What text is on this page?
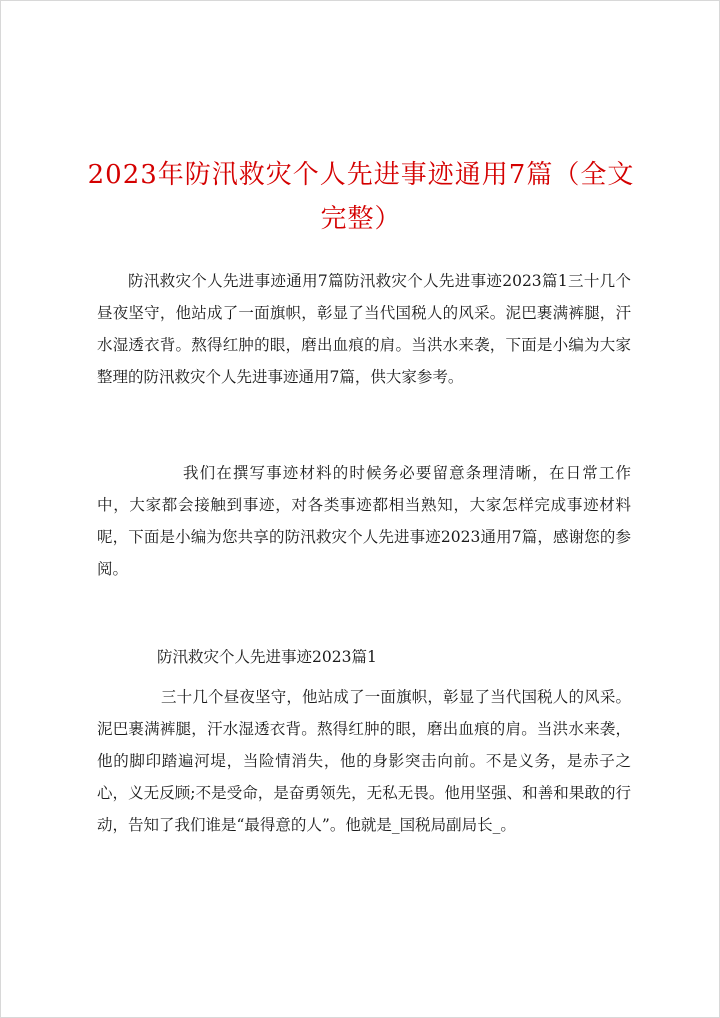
2023年防汛救灾个人先进事迹通用7篇（全文完整）

防汛救灾个人先进事迹通用7篇防汛救灾个人先进事迹2023篇1三十几个昼夜坚守，他站成了一面旗帜，彰显了当代国税人的风采。泥巴裹满裤腿，汗水湿透衣背。熬得红肿的眼，磨出血痕的肩。当洪水来袭，下面是小编为大家整理的防汛救灾个人先进事迹通用7篇，供大家参考。

我们在撰写事迹材料的时候务必要留意条理清晰，在日常工作中，大家都会接触到事迹，对各类事迹都相当熟知，大家怎样完成事迹材料呢，下面是小编为您共享的防汛救灾个人先进事迹2023通用7篇，感谢您的参阅。

防汛救灾个人先进事迹2023篇1

三十几个昼夜坚守，他站成了一面旗帜，彰显了当代国税人的风采。泥巴裹满裤腿，汗水湿透衣背。熬得红肿的眼，磨出血痕的肩。当洪水来袭，他的脚印踏遍河堤，当险情消失，他的身影突击向前。不是义务，是赤子之心，义无反顾;不是受命，是奋勇领先，无私无畏。他用坚强、和善和果敢的行动，告知了我们谁是“最得意的人”。他就是_国税局副局长_。
